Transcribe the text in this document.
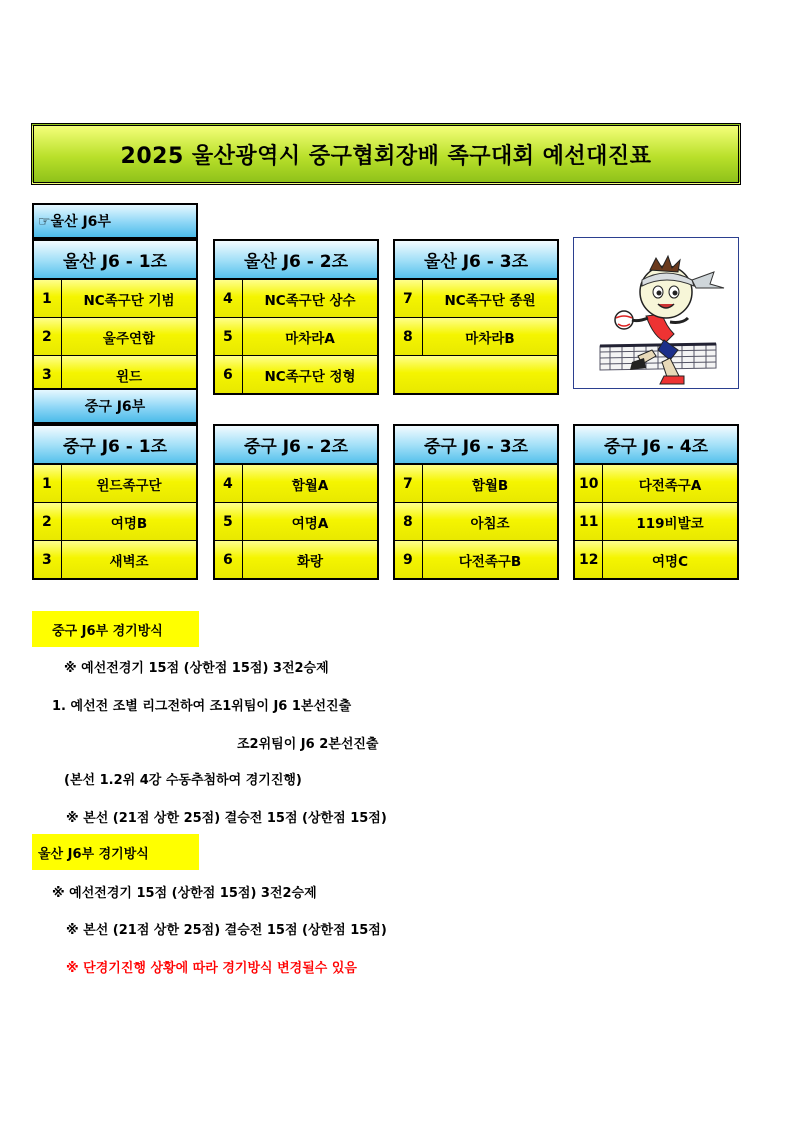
2025 울산광역시 중구협회장배 족구대회 예선대진표
☞울산 J6부
울산 J6 - 1조
1	NC족구단 기범
2	울주연합
3	윈드
울산 J6 - 2조
4	NC족구단 상수
5	마차라A
6	NC족구단 정형
울산 J6 - 3조
7	NC족구단 종원
8	마차라B
중구 J6부
중구 J6 - 1조
1	윈드족구단
2	여명B
3	새벽조
중구 J6 - 2조
4	함월A
5	여명A
6	화랑
중구 J6 - 3조
7	함월B
8	아침조
9	다전족구B
중구 J6 - 4조
10	다전족구A
11	119비발코
12	여명C
중구 J6부 경기방식
※ 예선전경기 15점 (상한점 15점) 3전2승제
1. 예선전 조별 리그전하여 조1위팀이 J6 1본선진출
조2위팀이 J6 2본선진출
(본선 1.2위 4강 수동추첨하여 경기진행)
※ 본선 (21점 상한 25점) 결승전 15점 (상한점 15점)
울산 J6부 경기방식
※ 예선전경기 15점 (상한점 15점) 3전2승제
※ 본선 (21점 상한 25점) 결승전 15점 (상한점 15점)
※ 단경기진행 상황에 따라 경기방식 변경될수 있음
